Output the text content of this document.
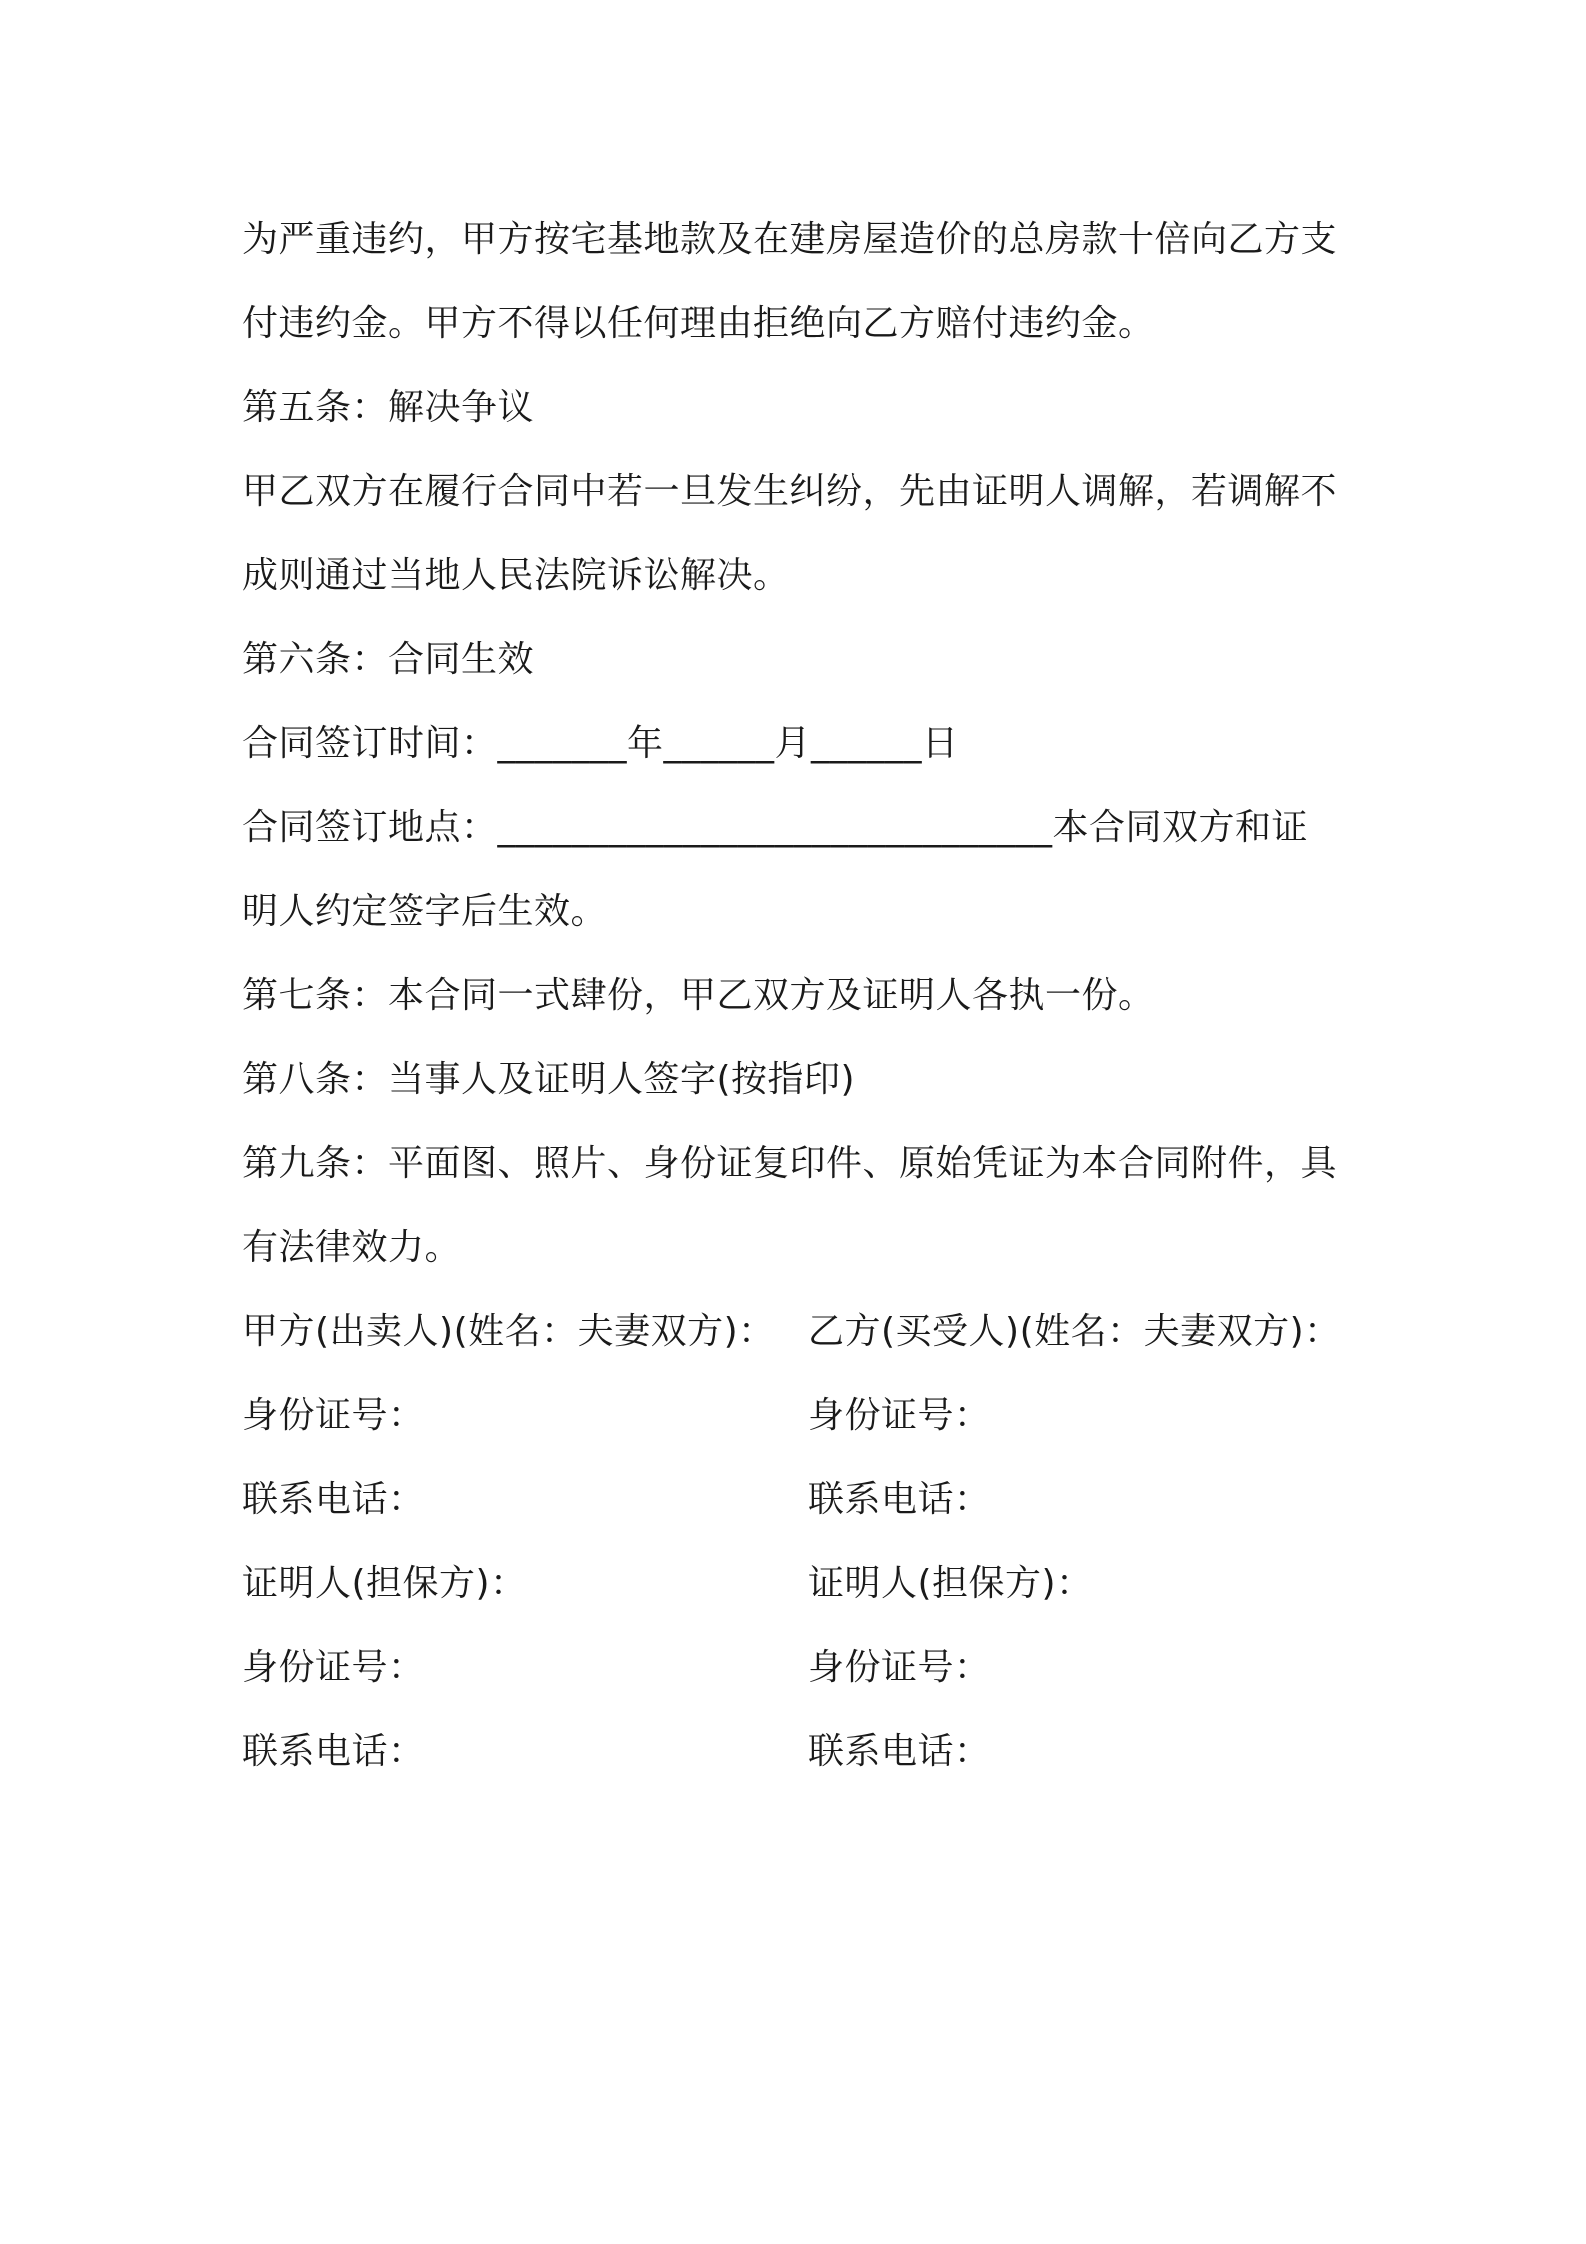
为严重违约，甲方按宅基地款及在建房屋造价的总房款十倍向乙方支
付违约金。甲方不得以任何理由拒绝向乙方赔付违约金。
第五条：解决争议
甲乙双方在履行合同中若一旦发生纠纷，先由证明人调解，若调解不
成则通过当地人民法院诉讼解决。
第六条：合同生效
合同签订时间：_______年______月______日
合同签订地点：______________________________本合同双方和证
明人约定签字后生效。
第七条：本合同一式肆份，甲乙双方及证明人各执一份。
第八条：当事人及证明人签字(按指印)
第九条：平面图、照片、身份证复印件、原始凭证为本合同附件，具
有法律效力。
甲方(出卖人)(姓名：夫妻双方)： 乙方(买受人)(姓名：夫妻双方)：
身份证号：	身份证号：
联系电话：	联系电话：
证明人(担保方)：	证明人(担保方)：
身份证号：	身份证号：
联系电话：	联系电话：
